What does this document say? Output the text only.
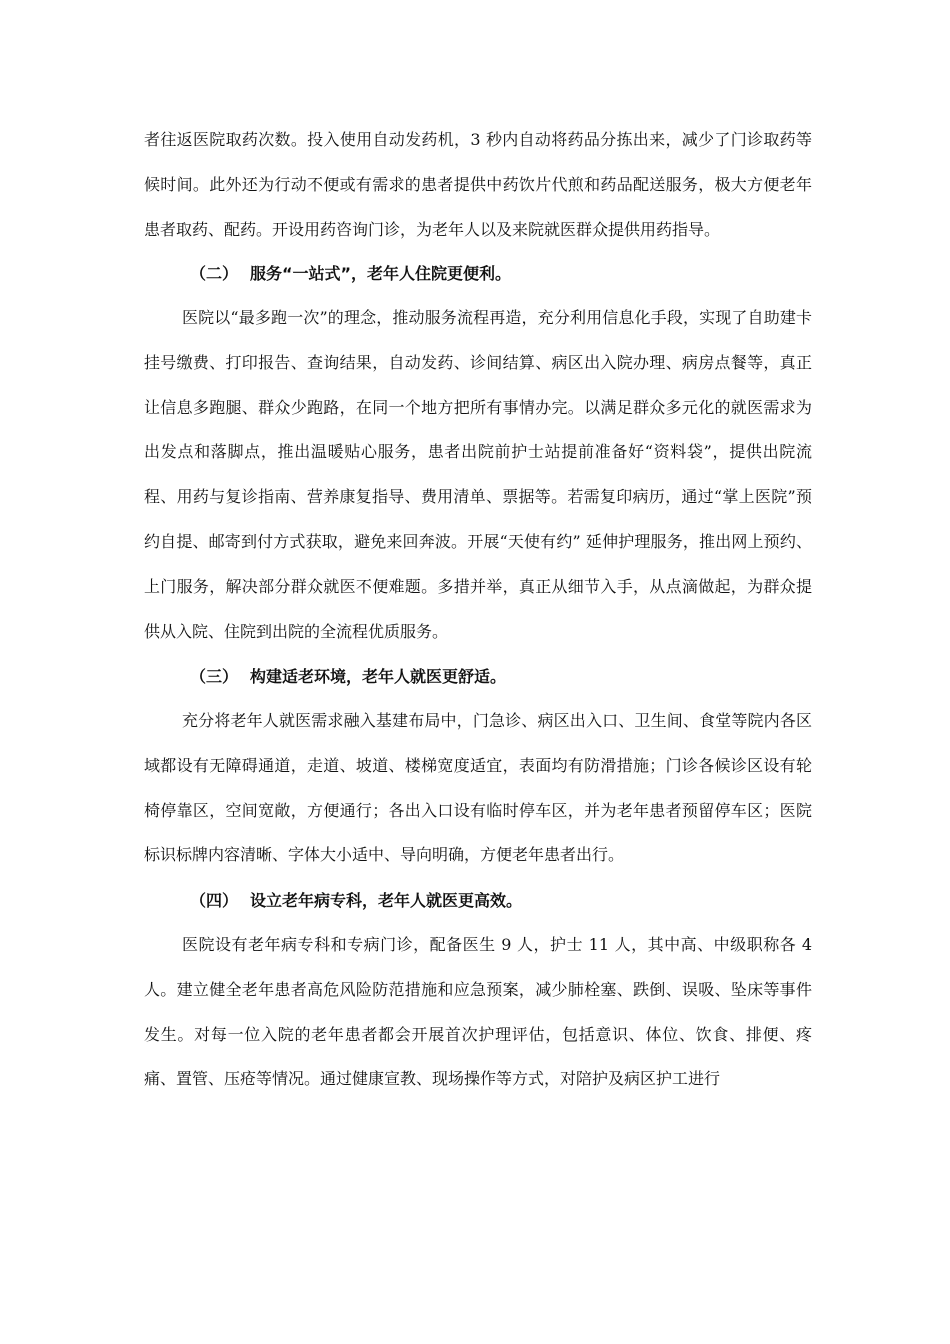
者往返医院取药次数。投入使用自动发药机，3 秒内自动将药品分拣出来，减少了门诊取药等候时间。此外还为行动不便或有需求的患者提供中药饮片代煎和药品配送服务，极大方便老年患者取药、配药。开设用药咨询门诊，为老年人以及来院就医群众提供用药指导。

（二） 服务“一站式”，老年人住院更便利。

医院以“最多跑一次”的理念，推动服务流程再造，充分利用信息化手段，实现了自助建卡挂号缴费、打印报告、查询结果，自动发药、诊间结算、病区出入院办理、病房点餐等，真正让信息多跑腿、群众少跑路，在同一个地方把所有事情办完。以满足群众多元化的就医需求为出发点和落脚点，推出温暖贴心服务，患者出院前护士站提前准备好“资料袋”，提供出院流程、用药与复诊指南、营养康复指导、费用清单、票据等。若需复印病历，通过“掌上医院”预约自提、邮寄到付方式获取，避免来回奔波。开展“天使有约” 延伸护理服务，推出网上预约、上门服务，解决部分群众就医不便难题。多措并举，真正从细节入手，从点滴做起，为群众提供从入院、住院到出院的全流程优质服务。

（三） 构建适老环境，老年人就医更舒适。

充分将老年人就医需求融入基建布局中，门急诊、病区出入口、卫生间、食堂等院内各区域都设有无障碍通道，走道、坡道、楼梯宽度适宜，表面均有防滑措施；门诊各候诊区设有轮椅停靠区，空间宽敞，方便通行；各出入口设有临时停车区，并为老年患者预留停车区；医院标识标牌内容清晰、字体大小适中、导向明确，方便老年患者出行。

（四） 设立老年病专科，老年人就医更高效。

医院设有老年病专科和专病门诊，配备医生 9 人，护士 11 人，其中高、中级职称各 4 人。建立健全老年患者高危风险防范措施和应急预案，减少肺栓塞、跌倒、误吸、坠床等事件发生。对每一位入院的老年患者都会开展首次护理评估，包括意识、体位、饮食、排便、疼痛、置管、压疮等情况。通过健康宣教、现场操作等方式，对陪护及病区护工进行
